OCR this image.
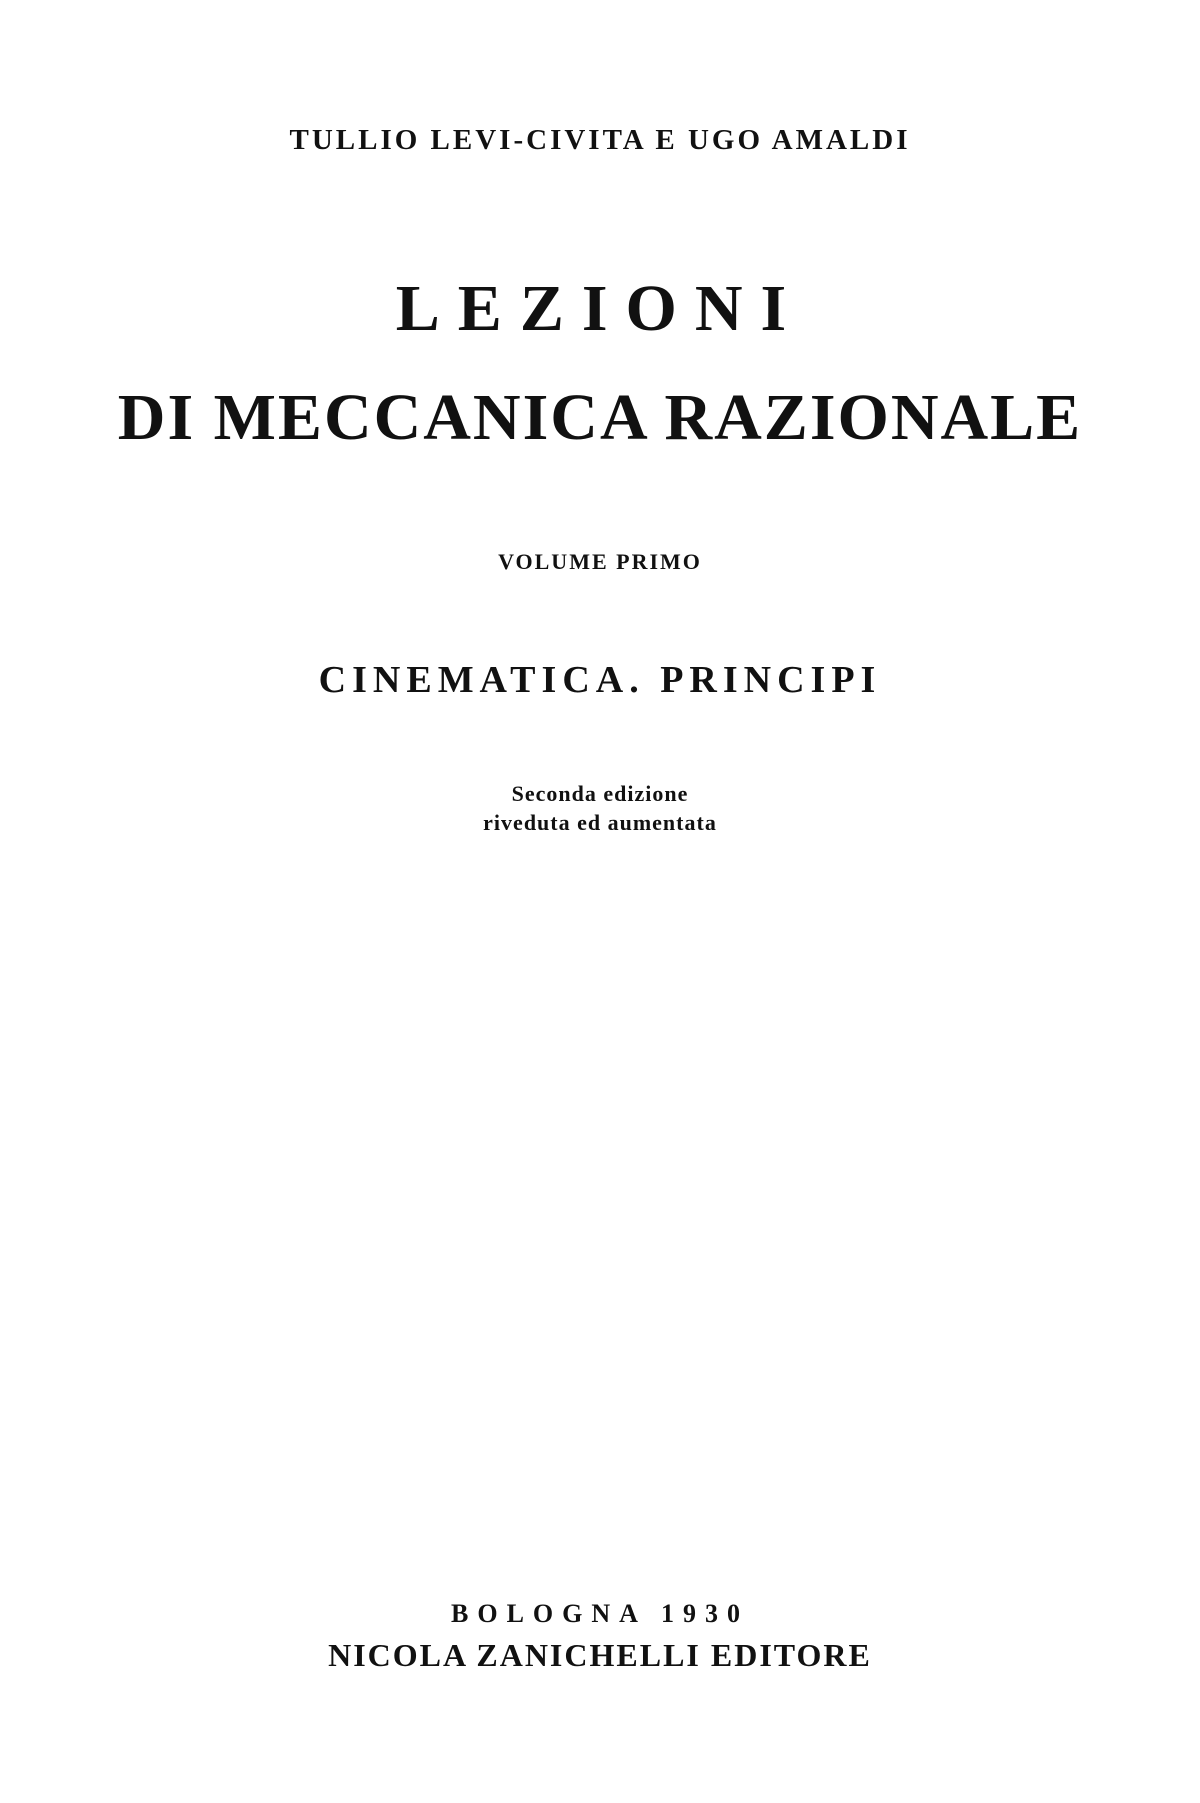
TULLIO LEVI-CIVITA E UGO AMALDI
LEZIONI
DI MECCANICA RAZIONALE
VOLUME PRIMO
CINEMATICA. PRINCIPI
Seconda edizione
riveduta ed aumentata
BOLOGNA 1930
NICOLA ZANICHELLI EDITORE
